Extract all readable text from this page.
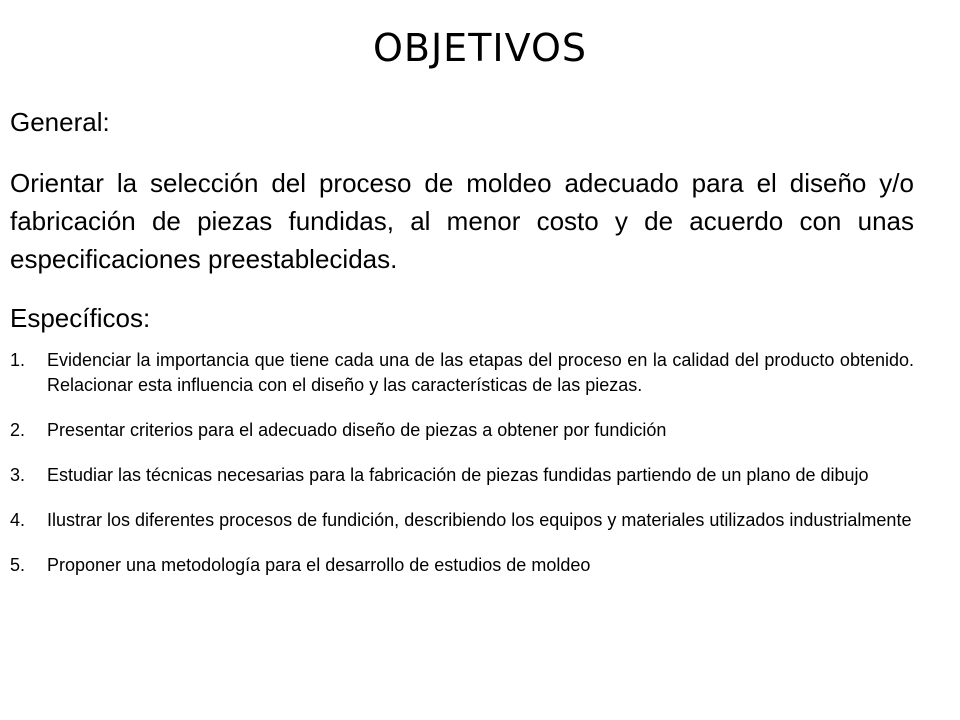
OBJETIVOS
General:
Orientar la selección del proceso de moldeo adecuado para el diseño y/o fabricación de piezas fundidas, al menor costo y de acuerdo con unas especificaciones preestablecidas.
Específicos:
1. Evidenciar la importancia que tiene cada una de las etapas del proceso en la calidad del producto obtenido. Relacionar esta influencia con el diseño y las características de las piezas.
2. Presentar criterios para el adecuado diseño de piezas a obtener por fundición
3. Estudiar las técnicas necesarias para la fabricación de piezas fundidas partiendo de un plano de dibujo
4. Ilustrar los diferentes procesos de fundición, describiendo los equipos y materiales utilizados industrialmente
5. Proponer una metodología para el desarrollo de estudios de moldeo
